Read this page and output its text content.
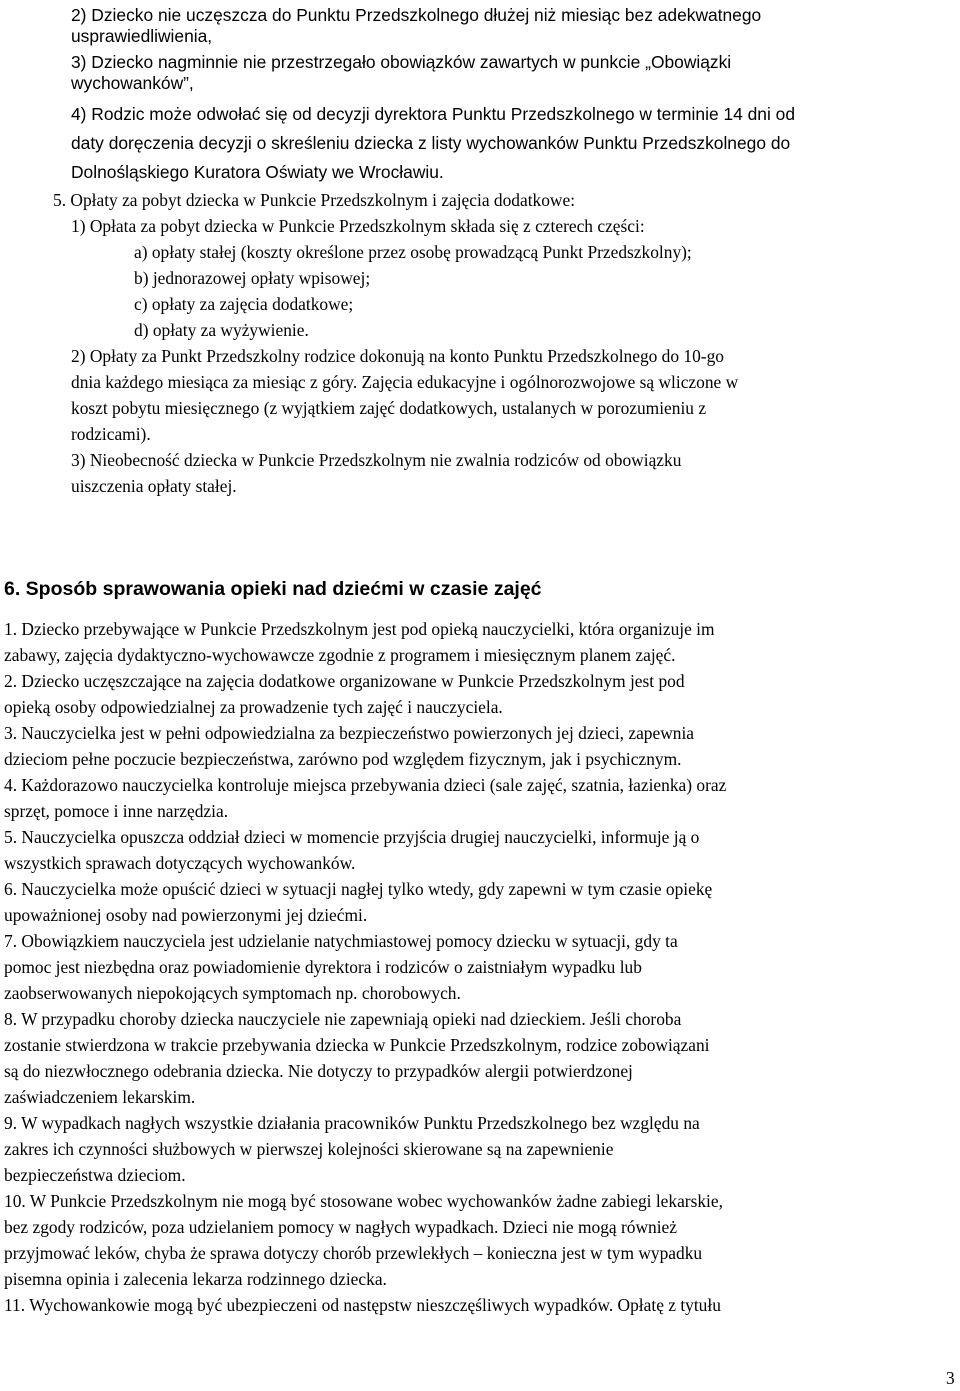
2) Dziecko nie uczęszcza do Punktu Przedszkolnego dłużej niż miesiąc bez adekwatnego
usprawiedliwienia,
3) Dziecko nagminnie nie przestrzegało obowiązków zawartych w punkcie „Obowiązki
wychowanków”,
4) Rodzic może odwołać się od decyzji dyrektora Punktu Przedszkolnego w terminie 14 dni od
daty doręczenia decyzji o skreśleniu dziecka z listy wychowanków Punktu Przedszkolnego do
Dolnośląskiego Kuratora Oświaty we Wrocławiu.
5. Opłaty za pobyt dziecka w Punkcie Przedszkolnym i zajęcia dodatkowe:
1) Opłata za pobyt dziecka w Punkcie Przedszkolnym składa się z czterech części:
a) opłaty stałej (koszty określone przez osobę prowadzącą Punkt Przedszkolny);
b) jednorazowej opłaty wpisowej;
c) opłaty za zajęcia dodatkowe;
d) opłaty za wyżywienie.
2) Opłaty za Punkt Przedszkolny rodzice dokonują na konto Punktu Przedszkolnego do 10-go
dnia każdego miesiąca za miesiąc z góry. Zajęcia edukacyjne i ogólnorozwojowe są wliczone w
koszt pobytu miesięcznego (z wyjątkiem zajęć dodatkowych, ustalanych w porozumieniu z
rodzicami).
3) Nieobecność dziecka w Punkcie Przedszkolnym nie zwalnia rodziców od obowiązku
uiszczenia opłaty stałej.
6. Sposób sprawowania opieki nad dziećmi w czasie zajęć
1. Dziecko przebywające w Punkcie Przedszkolnym jest pod opieką nauczycielki, która organizuje im
zabawy, zajęcia dydaktyczno-wychowawcze zgodnie z programem i miesięcznym planem zajęć.
2. Dziecko uczęszczające na zajęcia dodatkowe organizowane w Punkcie Przedszkolnym jest pod
opieką osoby odpowiedzialnej za prowadzenie tych zajęć i nauczyciela.
3. Nauczycielka jest w pełni odpowiedzialna za bezpieczeństwo powierzonych jej dzieci, zapewnia
dzieciom pełne poczucie bezpieczeństwa, zarówno pod względem fizycznym, jak i psychicznym.
4. Każdorazowo nauczycielka kontroluje miejsca przebywania dzieci (sale zajęć, szatnia, łazienka) oraz
sprzęt, pomoce i inne narzędzia.
5. Nauczycielka opuszcza oddział dzieci w momencie przyjścia drugiej nauczycielki, informuje ją o
wszystkich sprawach dotyczących wychowanków.
6. Nauczycielka może opuścić dzieci w sytuacji nagłej tylko wtedy, gdy zapewni w tym czasie opiekę
upoważnionej osoby nad powierzonymi jej dziećmi.
7. Obowiązkiem nauczyciela jest udzielanie natychmiastowej pomocy dziecku w sytuacji, gdy ta
pomoc jest niezbędna oraz powiadomienie dyrektora i rodziców o zaistniałym wypadku lub
zaobserwowanych niepokojących symptomach np. chorobowych.
8. W przypadku choroby dziecka nauczyciele nie zapewniają opieki nad dzieckiem. Jeśli choroba
zostanie stwierdzona w trakcie przebywania dziecka w Punkcie Przedszkolnym, rodzice zobowiązani
są do niezwłocznego odebrania dziecka. Nie dotyczy to przypadków alergii potwierdzonej
zaświadczeniem lekarskim.
9. W wypadkach nagłych wszystkie działania pracowników Punktu Przedszkolnego bez względu na
zakres ich czynności służbowych w pierwszej kolejności skierowane są na zapewnienie
bezpieczeństwa dzieciom.
10. W Punkcie Przedszkolnym nie mogą być stosowane wobec wychowanków żadne zabiegi lekarskie,
bez zgody rodziców, poza udzielaniem pomocy w nagłych wypadkach. Dzieci nie mogą również
przyjmować leków, chyba że sprawa dotyczy chorób przewlekłych – konieczna jest w tym wypadku
pisemna opinia i zalecenia lekarza rodzinnego dziecka.
11. Wychowankowie mogą być ubezpieczeni od następstw nieszczęśliwych wypadków. Opłatę z tytułu
3
